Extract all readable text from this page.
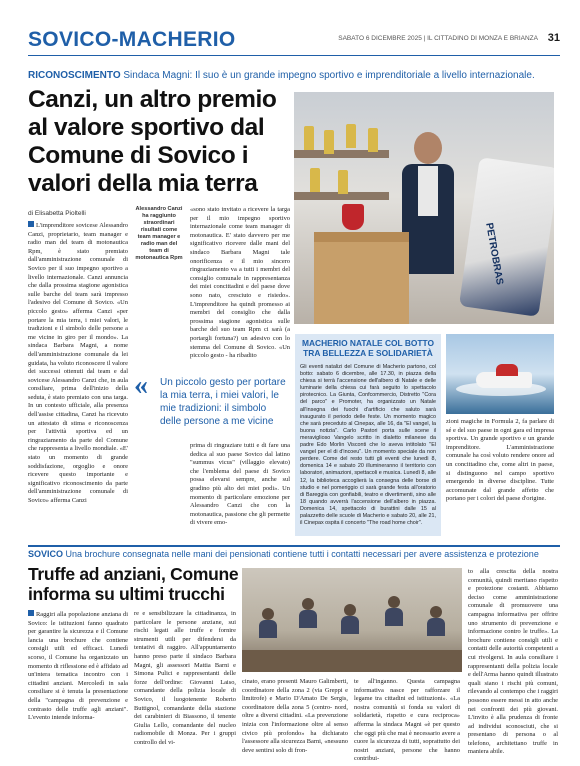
SOVICO-MACHERIO	SABATO 6 DICEMBRE 2025 | IL CITTADINO DI MONZA E BRIANZA 31
RICONOSCIMENTO Sindaca Magni: Il suo è un grande impegno sportivo e imprenditoriale a livello internazionale.
Canzi, un altro premio al valore sportivo dal Comune di Sovico i valori della mia terra
di Elisabetta Pioltelli
PETROBRAS

L'imprenditore sovicese Alessandro Canzi, proprietario, team manager e radio man del team di motonautica Rpm, è stato premiato dall'amministrazione comunale di Sovico per il suo impegno sportivo a livello internazionale. Canzi annuncia che dalla prossima stagione agonistica sulle barche del team sarà impresso l'adesivo del Comune di Sovico. «Un piccolo gesto» afferma Canzi «per portare la mia terra, i miei valori, le tradizioni e il simbolo delle persone a me vicine in giro per il mondo». La sindaca Barbara Magni, a nome dell'amministrazione comunale da lei guidata, ha voluto riconoscere il valore dei successi ottenuti dal team e dal sovicese Alessandro Canzi che, in aula consiliare, prima dell'inizio della seduta, è stato premiato con una targa. In un contesto ufficiale, alla presenza dell'assise cittadina, Canzi ha ricevuto un attestato di stima e riconoscenza per l'attività sportiva ed un ringraziamento da parte del Comune che rappresenta a livello mondiale. «E' stato un momento di grande soddisfazione, orgoglio e onore ricevere questo importante e significativo riconoscimento da parte dell'amministrazione comunale di Sovico» afferma Canzi

Alessandro Canzi ha raggiunto straordinari risultati come team manager e radio man del team di motonautica Rpm

«sono stato invitato a ricevere la targa per il mio impegno sportivo internazionale come team manager di motonautica. E' stato davvero per me significativo ricevere dalle mani del sindaco Barbara Magni tale onorificenza e il mio sincero ringraziamento va a tutti i membri del consiglio comunale in rappresentanza dei miei concittadini e del paese dove sono nato, cresciuto e risiedo». L'imprenditore ha quindi promesso ai membri del consiglio che dalla prossima stagione agonistica sulle barche del suo team Rpm ci sarà (a portargli fortuna?) un adesivo con lo stemma del Comune di Sovico. «Un piccolo gesto - ha ribadito

« Un piccolo gesto per portare la mia terra, i miei valori, le mie tradizioni: il simbolo delle persone a me vicine

prima di ringraziare tutti e di fare una dedica al suo paese Sovico dal latino "summus vicus" (villaggio elevato) che l'emblema del paese di Sovico possa elevarsi sempre, anche sul gradino più alto dei miei podi». Un momento di particolare emozione per Alessandro Canzi che con la motonautica, passione che gli permette di vivere emo-

zioni magiche in Formula 2, fa parlare di sé e del suo paese in ogni gara ed impresa sportiva. Un grande sportivo e un grande imprenditore. L'amministrazione comunale ha così voluto rendere onore ad un concittadino che, come altri in paese, si distinguono nel campo sportivo emergendo in diverse discipline. Tutte accomunate dal grande affetto che portano per i colori del paese d'origine.

MACHERIO NATALE COL BOTTO TRA BELLEZZA E SOLIDARIETÀ
Gli eventi natalizi del Comune di Macherio partono, col botto: sabato 6 dicembre, alle 17.30, in piazza della chiesa si terrà l'accensione dell'albero di Natale e delle luminarie della chiesa cui farà seguito lo spettacolo pirotecnico. La Giunta, Confcommercio, Distretto "Cora del parco" e Promoter, ha organizzato un Natale all'insegna dei fuochi d'artificio che saluto sarà inaugurato il periodo delle feste. Un momento magico che sarà preceduto al Cinepax, alle 16, da "El vangel, la buona notizia". Carlo Pastori porta sulle scene il meraviglioso Vangelo scritto in dialetto milanese da padre Edo Morlin Visconti che lo aveva intitolato "El vangel per el di d'incoeu". Un momento speciale da non perdere. Come del resto tutti gli eventi che lunedì 8, domenica 14 e sabato 20 illumineranno il territorio con laboratori, animazioni, spettacoli e musica. Lunedì 8, alle 12, la biblioteca accoglierà la consegna delle borse di studio e nel pomeriggio ci sarà grande festa all'oratorio di Bareggia con gonfiabili, teatro e divertimenti, sino alle 18 quando avverrà l'accensione dell'albero in piazza. Domenica 14, spettacolo di burattini dalle 15 al palazzetto delle scuole di Macherio e sabato 20, alle 21, il Cinepax ospita il concerto "The road home choir".
SOVICO Una brochure consegnata nelle mani dei pensionati contiene tutti i contatti necessari per avere assistenza e protezione
Truffe ad anziani, Comune informa su ultimi trucchi

Raggiri alla popolazione anziana di Sovico: le istituzioni fanno quadrato per garantire la sicurezza e il Comune lancia una brochure che contiene consigli utili ed efficaci. Lunedì scorso, il Comune ha organizzato un momento di riflessione ed è affidato ad un'intera tematica incontro con i cittadini anziani. Mercoledì in sala consiliare si è tenuta la presentazione della "campagna di prevenzione e contrasto delle truffe agli anziani". L'evento intende informa-

re e sensibilizzare la cittadinanza, in particolare le persone anziane, sui rischi legati alle truffe e fornire strumenti utili per difendersi da tentativi di raggiro. All'appuntamento hanno preso parte il sindaco Barbara Magni, gli assessori Mattia Barni e Simona Pulici e rappresentanti delle forze dell'ordine: Giovanni Laiso, comandante della polizia locale di Sovico, il luogotenente Roberto Buttignol, comandante della stazione dei carabinieri di Biassono, il tenente Giulia Lello, comandante del nucleo radiomobile di Monza. Per i gruppi controllo del vi-

cinato, erano presenti Mauro Galimberti, coordinatore della zona 2 (via Greppi e limitrofe) e Mario D'Amato De Sergis, coordinatore della zona 5 (centro- nord, oltre a diversi cittadini. «La prevenzione inizia con l'informazione oltre al senso civico più profondo» ha dichiarato l'assessore alla sicurezza Barni, «nessuno deve sentirsi solo di fron-

te all'inganno. Questa campagna informativa nasce per rafforzare il legame tra cittadini ed istituzioni». «La nostra comunità si fonda su valori di solidarietà, rispetto e cura reciproca» afferma la sindaca Magni «è per questo che oggi più che mai è necessario avere a cuore la sicurezza di tutti, soprattutto dei nostri anziani, persone che hanno contribui-

to alla crescita della nostra comunità, quindi meritano rispetto e protezione costanti. Abbiamo deciso come amministrazione comunale di promuovere una campagna informativa per offrire uno strumento di prevenzione e informazione contro le truffe». La brochure contiene consigli utili e contatti delle autorità competenti a cui rivolgersi. In aula consiliare i rappresentanti della polizia locale e dell'Arma hanno quindi illustrato quali siano i rischi più comuni, rilevando al contempo che i raggiri possono essere messi in atto anche nei confronti dei più giovani. L'invito è alla prudenza di fronte ad individui sconosciuti, che si presentano di persona o al telefono, architettano truffe in maniera abile.
